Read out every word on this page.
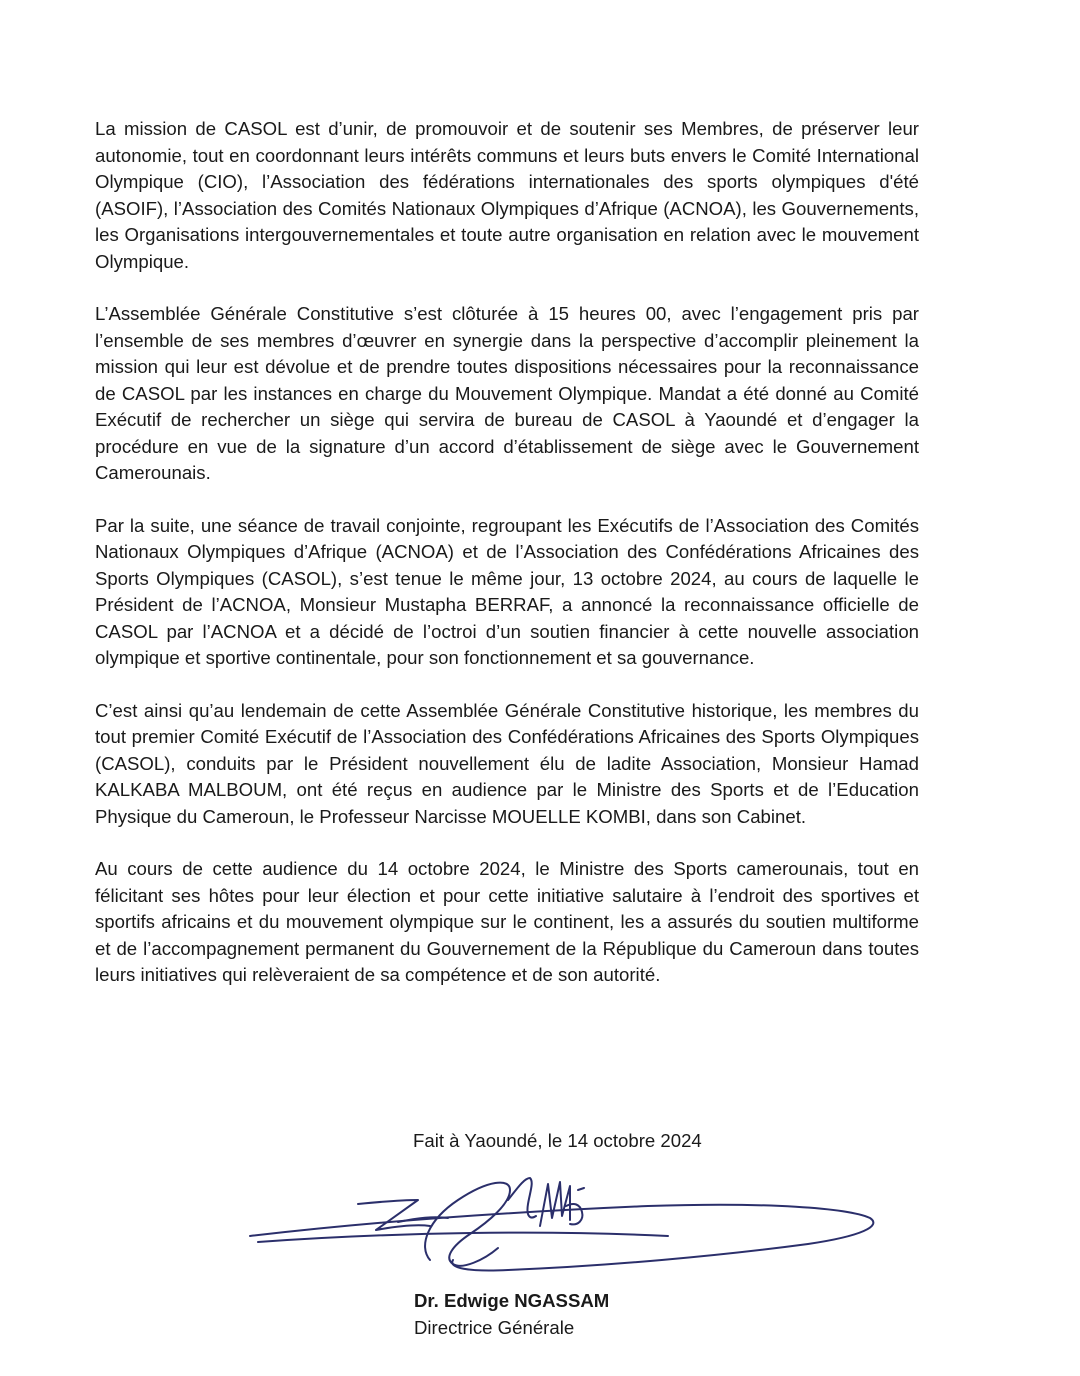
La mission de CASOL est d’unir, de promouvoir et de soutenir ses Membres, de préserver leur autonomie, tout en coordonnant leurs intérêts communs et leurs buts envers le Comité International Olympique (CIO), l’Association des fédérations internationales des sports olympiques d'été (ASOIF), l’Association des Comités Nationaux Olympiques d’Afrique (ACNOA), les Gouvernements, les Organisations intergouvernementales et toute autre organisation en relation avec le mouvement Olympique.

L’Assemblée Générale Constitutive s’est clôturée à 15 heures 00, avec l’engagement pris par l’ensemble de ses membres d’œuvrer en synergie dans la perspective d’accomplir pleinement la mission qui leur est dévolue et de prendre toutes dispositions nécessaires pour la reconnaissance de CASOL par les instances en charge du Mouvement Olympique. Mandat a été donné au Comité Exécutif de rechercher un siège qui servira de bureau de CASOL à Yaoundé et d’engager la procédure en vue de la signature d’un accord d’établissement de siège avec le Gouvernement Camerounais.

Par la suite, une séance de travail conjointe, regroupant les Exécutifs de l’Association des Comités Nationaux Olympiques d’Afrique (ACNOA) et de l’Association des Confédérations Africaines des Sports Olympiques (CASOL), s’est tenue le même jour, 13 octobre 2024, au cours de laquelle le Président de l’ACNOA, Monsieur Mustapha BERRAF, a annoncé la reconnaissance officielle de CASOL par l’ACNOA et a décidé de l’octroi d’un soutien financier à cette nouvelle association olympique et sportive continentale, pour son fonctionnement et sa gouvernance.

C’est ainsi qu’au lendemain de cette Assemblée Générale Constitutive historique, les membres du tout premier Comité Exécutif de l’Association des Confédérations Africaines des Sports Olympiques (CASOL), conduits par le Président nouvellement élu de ladite Association, Monsieur Hamad KALKABA MALBOUM, ont été reçus en audience par le Ministre des Sports et de l’Education Physique du Cameroun, le Professeur Narcisse MOUELLE KOMBI, dans son Cabinet.

Au cours de cette audience du 14 octobre 2024, le Ministre des Sports camerounais, tout en félicitant ses hôtes pour leur élection et pour cette initiative salutaire à l’endroit des sportives et sportifs africains et du mouvement olympique sur le continent, les a assurés du soutien multiforme et de l’accompagnement permanent du Gouvernement de la République du Cameroun dans toutes leurs initiatives qui relèveraient de sa compétence et de son autorité.

Fait à Yaoundé, le 14 octobre 2024
Dr. Edwige NGASSAM
Directrice Générale
